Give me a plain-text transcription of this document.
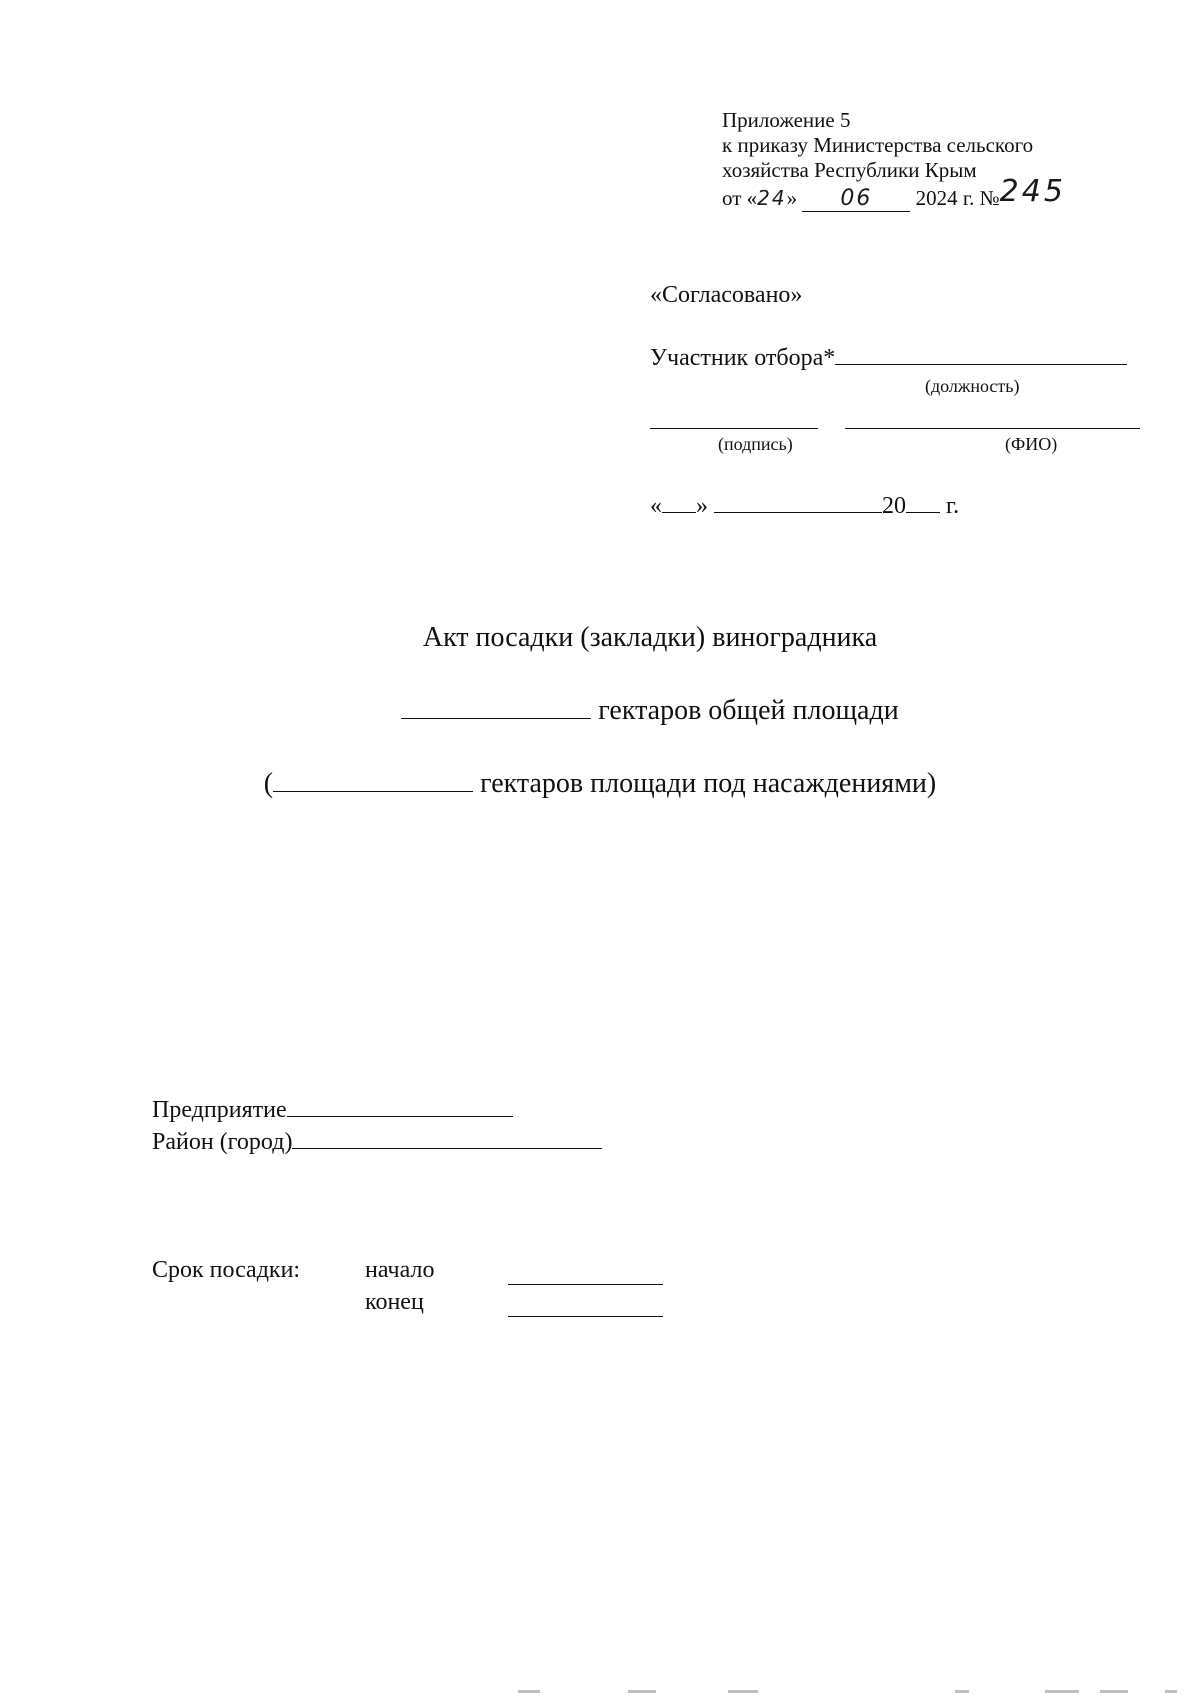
Приложение 5
к приказу Министерства сельского
хозяйства Республики Крым
от «24» 06 2024 г. №245
«Согласовано»
Участник отбора*
(должность)
(подпись)	(ФИО)
« »	20 г.
Акт посадки (закладки) виноградника
гектаров общей площади
(	гектаров площади под насаждениями)
Предприятие
Район (город)
Срок посадки:	начало
конец
